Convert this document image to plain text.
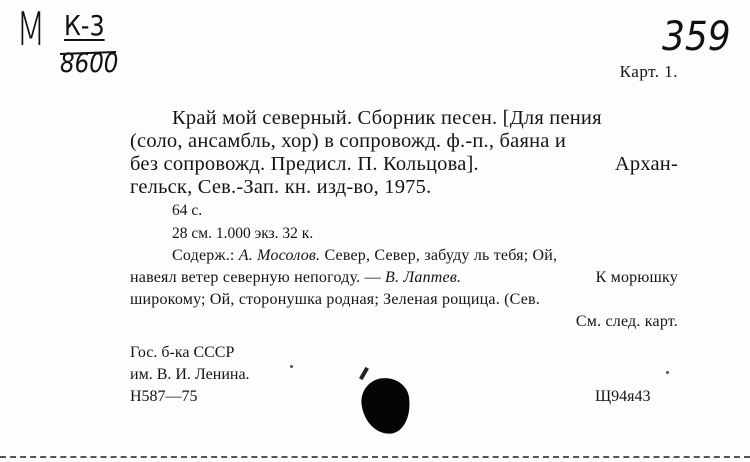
М К-3
8600
359
Карт. 1.
Край мой северный. Сборник песен. [Для пения
(соло, ансамбль, хор) в сопровожд. ф.-п., баяна и
без сопровожд. Предисл. П. Кольцова].	Архан-
гельск, Сев.-Зап. кн. изд-во, 1975.
64 с.
28 см. 1.000 экз. 32 к.
Содерж.: А. Мосолов. Север, Север, забуду ль тебя; Ой,
навеял ветер северную непогоду. — В. Лаптев.	К морюшку
широкому; Ой, сторонушка родная; Зеленая рощица. (Сев.
См. след. карт.
Гос. б-ка СССР
им. В. И. Ленина.
Н587—75	Щ94я43
